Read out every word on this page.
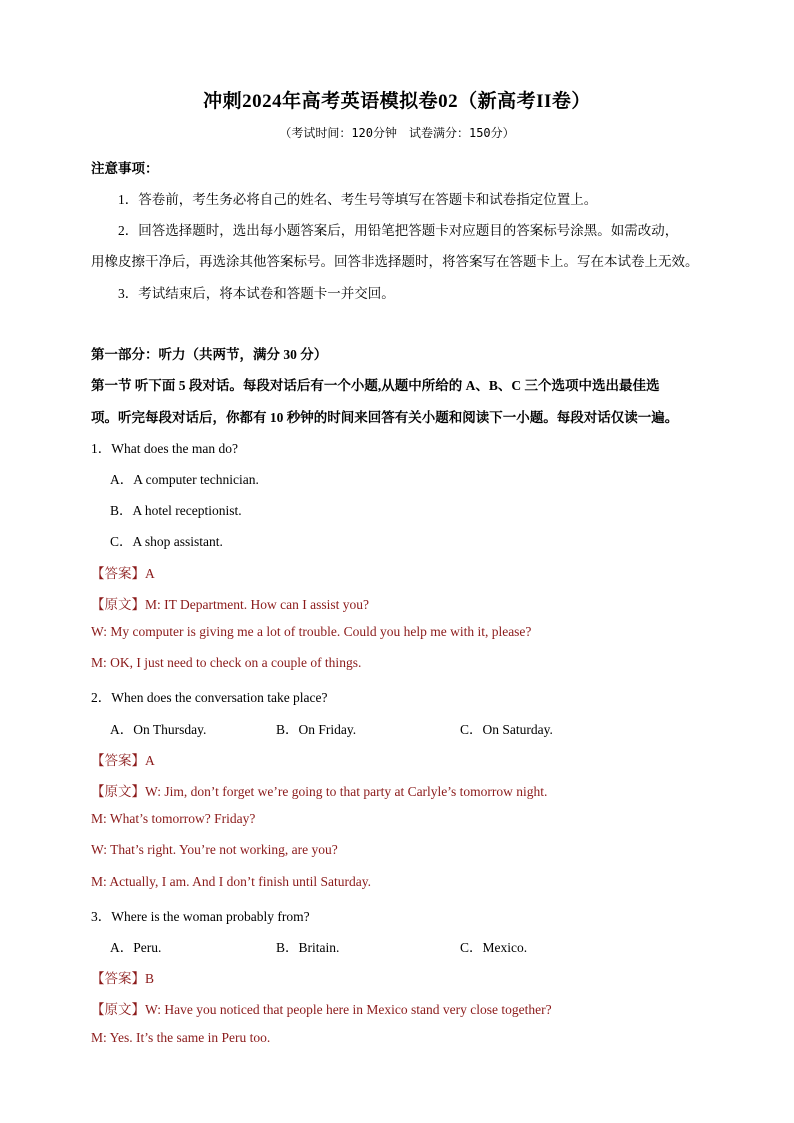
冲刺2024年高考英语模拟卷02（新高考II卷）
（考试时间：120分钟　试卷满分：150分）
注意事项：
1．答卷前，考生务必将自己的姓名、考生号等填写在答题卡和试卷指定位置上。
2．回答选择题时，选出每小题答案后，用铅笔把答题卡对应题目的答案标号涂黑。如需改动，
用橡皮擦干净后，再选涂其他答案标号。回答非选择题时，将答案写在答题卡上。写在本试卷上无效。
3．考试结束后，将本试卷和答题卡一并交回。
第一部分：听力（共两节，满分 30 分）
第一节 听下面 5 段对话。每段对话后有一个小题,从题中所给的 A、B、C 三个选项中选出最佳选
项。听完每段对话后，你都有 10 秒钟的时间来回答有关小题和阅读下一小题。每段对话仅读一遍。
1．What does the man do?
A．A computer technician.
B．A hotel receptionist.
C．A shop assistant.
【答案】A
【原文】M: IT Department. How can I assist you?
W: My computer is giving me a lot of trouble. Could you help me with it, please?
M: OK, I just need to check on a couple of things.
2．When does the conversation take place?
A．On Thursday.	B．On Friday.	C．On Saturday.
【答案】A
【原文】W: Jim, don’t forget we’re going to that party at Carlyle’s tomorrow night.
M: What’s tomorrow? Friday?
W: That’s right. You’re not working, are you?
M: Actually, I am. And I don’t finish until Saturday.
3．Where is the woman probably from?
A．Peru.	B．Britain.	C．Mexico.
【答案】B
【原文】W: Have you noticed that people here in Mexico stand very close together?
M: Yes. It’s the same in Peru too.
